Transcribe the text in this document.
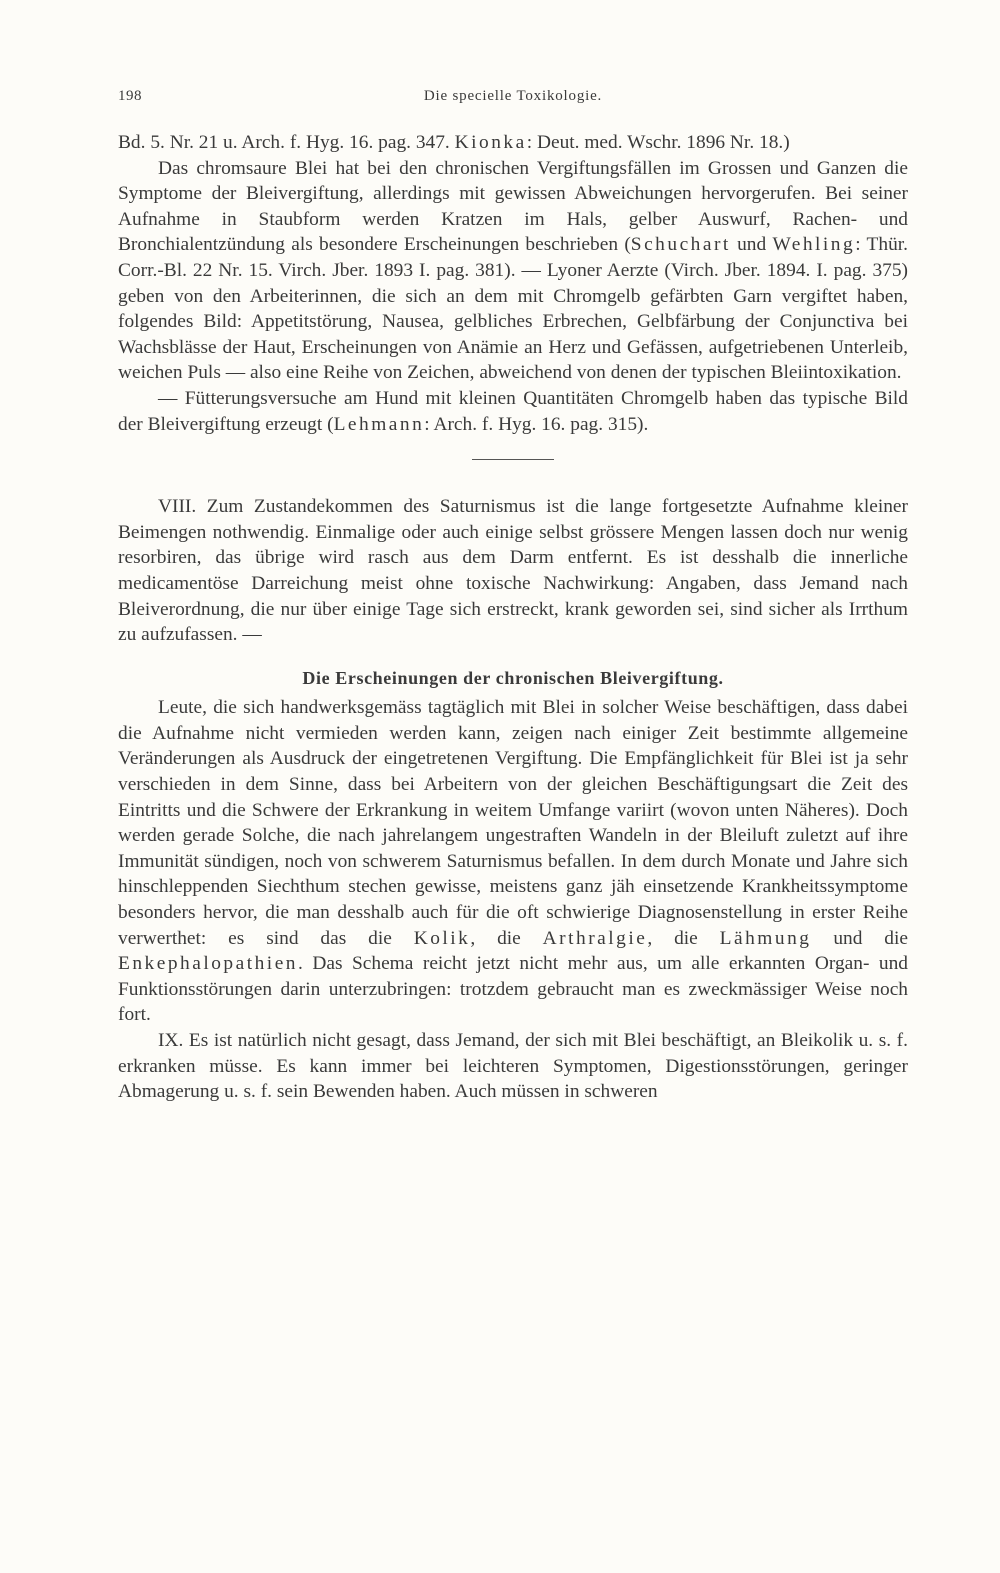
198	Die specielle Toxikologie.

Bd. 5. Nr. 21 u. Arch. f. Hyg. 16. pag. 347. Kionka: Deut. med. Wschr. 1896 Nr. 18.)

Das chromsaure Blei hat bei den chronischen Vergiftungsfällen im Grossen und Ganzen die Symptome der Bleivergiftung, allerdings mit gewissen Abweichungen hervorgerufen. Bei seiner Aufnahme in Staubform werden Kratzen im Hals, gelber Auswurf, Rachen- und Bronchialentzündung als besondere Erscheinungen beschrieben (Schuchart und Wehling: Thür. Corr.-Bl. 22 Nr. 15. Virch. Jber. 1893 I. pag. 381). — Lyoner Aerzte (Virch. Jber. 1894. I. pag. 375) geben von den Arbeiterinnen, die sich an dem mit Chromgelb gefärbten Garn vergiftet haben, folgendes Bild: Appetitstörung, Nausea, gelbliches Erbrechen, Gelbfärbung der Conjunctiva bei Wachsblässe der Haut, Erscheinungen von Anämie an Herz und Gefässen, aufgetriebenen Unterleib, weichen Puls — also eine Reihe von Zeichen, abweichend von denen der typischen Bleiintoxikation.

— Fütterungsversuche am Hund mit kleinen Quantitäten Chromgelb haben das typische Bild der Bleivergiftung erzeugt (Lehmann: Arch. f. Hyg. 16. pag. 315).

VIII. Zum Zustandekommen des Saturnismus ist die lange fortgesetzte Aufnahme kleiner Beimengen nothwendig. Einmalige oder auch einige selbst grössere Mengen lassen doch nur wenig resorbiren, das übrige wird rasch aus dem Darm entfernt. Es ist desshalb die innerliche medicamentöse Darreichung meist ohne toxische Nachwirkung: Angaben, dass Jemand nach Bleiverordnung, die nur über einige Tage sich erstreckt, krank geworden sei, sind sicher als Irrthum zu aufzufassen. —

Die Erscheinungen der chronischen Bleivergiftung.

Leute, die sich handwerksgemäss tagtäglich mit Blei in solcher Weise beschäftigen, dass dabei die Aufnahme nicht vermieden werden kann, zeigen nach einiger Zeit bestimmte allgemeine Veränderungen als Ausdruck der eingetretenen Vergiftung. Die Empfänglichkeit für Blei ist ja sehr verschieden in dem Sinne, dass bei Arbeitern von der gleichen Beschäftigungsart die Zeit des Eintritts und die Schwere der Erkrankung in weitem Umfange variirt (wovon unten Näheres). Doch werden gerade Solche, die nach jahrelangem ungestraften Wandeln in der Bleiluft zuletzt auf ihre Immunität sündigen, noch von schwerem Saturnismus befallen. In dem durch Monate und Jahre sich hinschleppenden Siechthum stechen gewisse, meistens ganz jäh einsetzende Krankheitssymptome besonders hervor, die man desshalb auch für die oft schwierige Diagnosenstellung in erster Reihe verwerthet: es sind das die Kolik, die Arthralgie, die Lähmung und die Enkephalopathien. Das Schema reicht jetzt nicht mehr aus, um alle erkannten Organ- und Funktionsstörungen darin unterzubringen: trotzdem gebraucht man es zweckmässiger Weise noch fort.

IX. Es ist natürlich nicht gesagt, dass Jemand, der sich mit Blei beschäftigt, an Bleikolik u. s. f. erkranken müsse. Es kann immer bei leichteren Symptomen, Digestionsstörungen, geringer Abmagerung u. s. f. sein Bewenden haben. Auch müssen in schweren
